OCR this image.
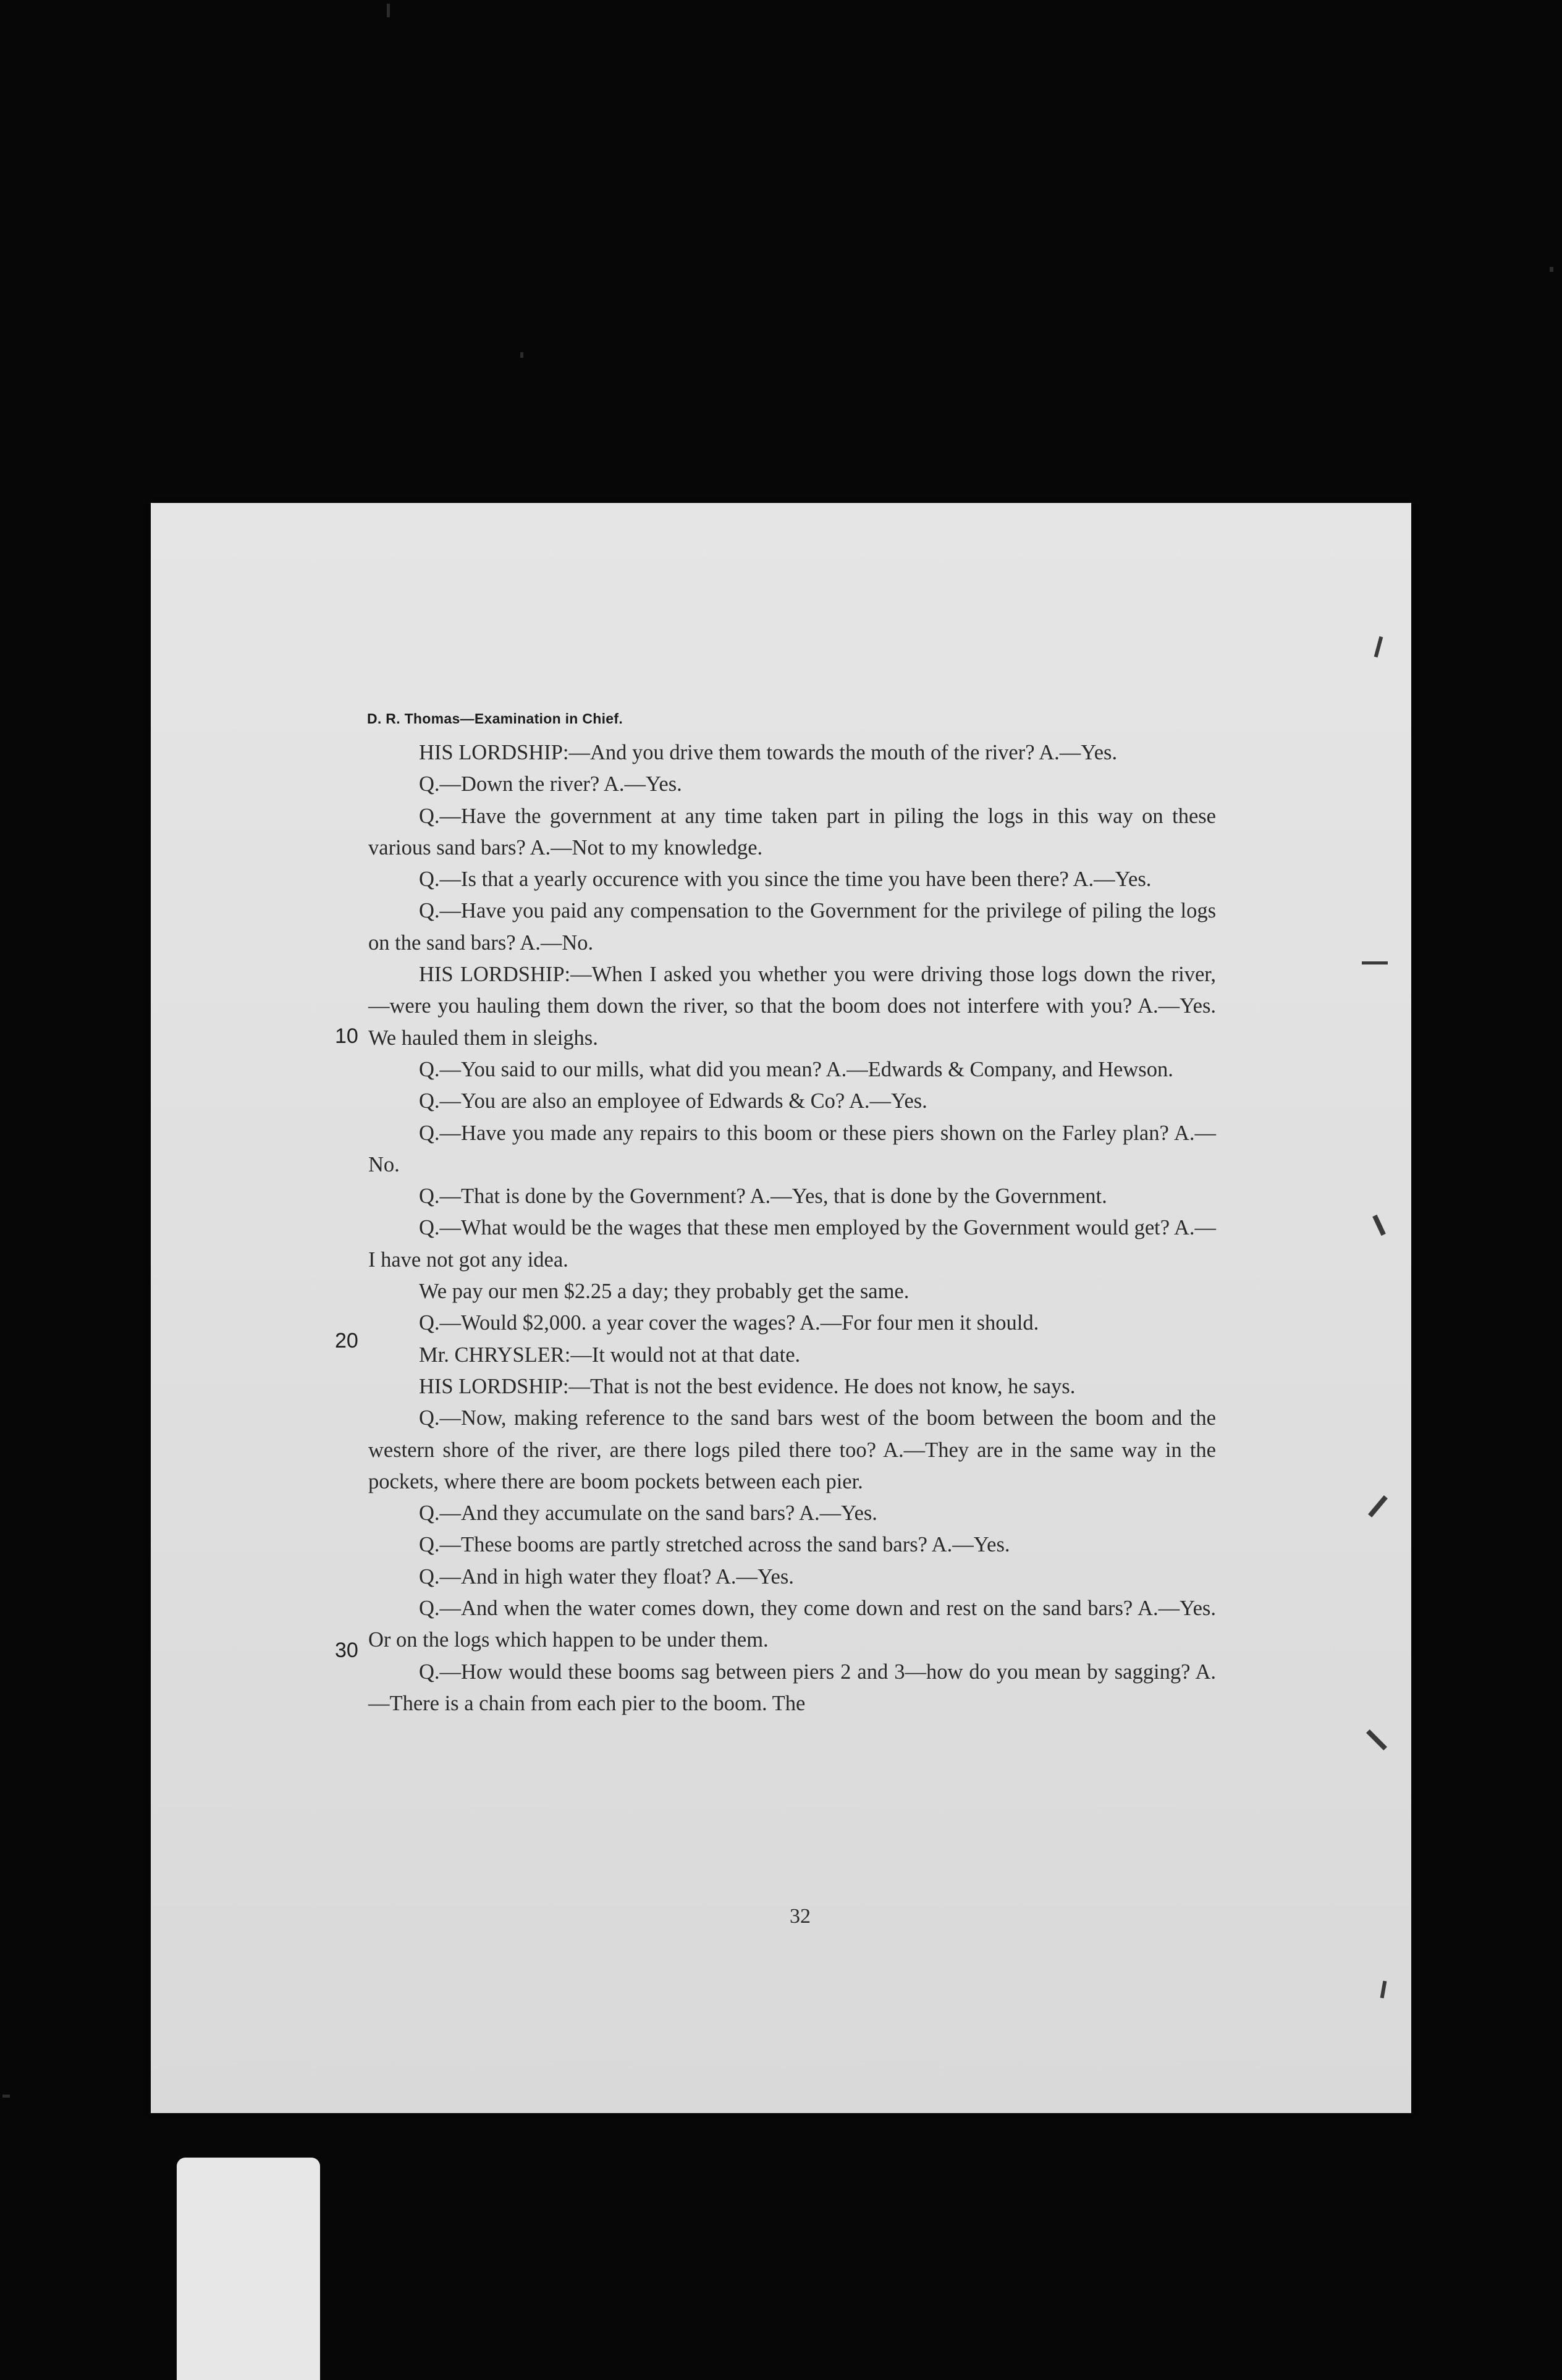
D. R. Thomas—Examination in Chief.

HIS LORDSHIP:—And you drive them towards the mouth of the river? A.—Yes.

Q.—Down the river? A.—Yes.

Q.—Have the government at any time taken part in piling the logs in this way on these various sand bars? A.—Not to my knowledge.

Q.—Is that a yearly occurence with you since the time you have been there? A.—Yes.

Q.—Have you paid any compensation to the Government for the privilege of piling the logs on the sand bars? A.—No.

HIS LORDSHIP:—When I asked you whether you were driving those logs down the river,—were you hauling them down the river, so that the boom does not interfere with you? A.—Yes. We hauled them in sleighs.

Q.—You said to our mills, what did you mean? A.—Edwards & Company, and Hewson.

Q.—You are also an employee of Edwards & Co? A.—Yes.

Q.—Have you made any repairs to this boom or these piers shown on the Farley plan? A.—No.

Q.—That is done by the Government? A.—Yes, that is done by the Government.

Q.—What would be the wages that these men employed by the Government would get? A.—I have not got any idea.

We pay our men $2.25 a day; they probably get the same.

Q.—Would $2,000. a year cover the wages? A.—For four men it should.

Mr. CHRYSLER:—It would not at that date.

HIS LORDSHIP:—That is not the best evidence. He does not know, he says.

Q.—Now, making reference to the sand bars west of the boom between the boom and the western shore of the river, are there logs piled there too? A.—They are in the same way in the pockets, where there are boom pockets between each pier.

Q.—And they accumulate on the sand bars? A.—Yes.

Q.—These booms are partly stretched across the sand bars? A.—Yes.

Q.—And in high water they float? A.—Yes.

Q.—And when the water comes down, they come down and rest on the sand bars? A.—Yes. Or on the logs which happen to be under them.

Q.—How would these booms sag between piers 2 and 3—how do you mean by sagging? A.—There is a chain from each pier to the boom. The

10
20
30
32
